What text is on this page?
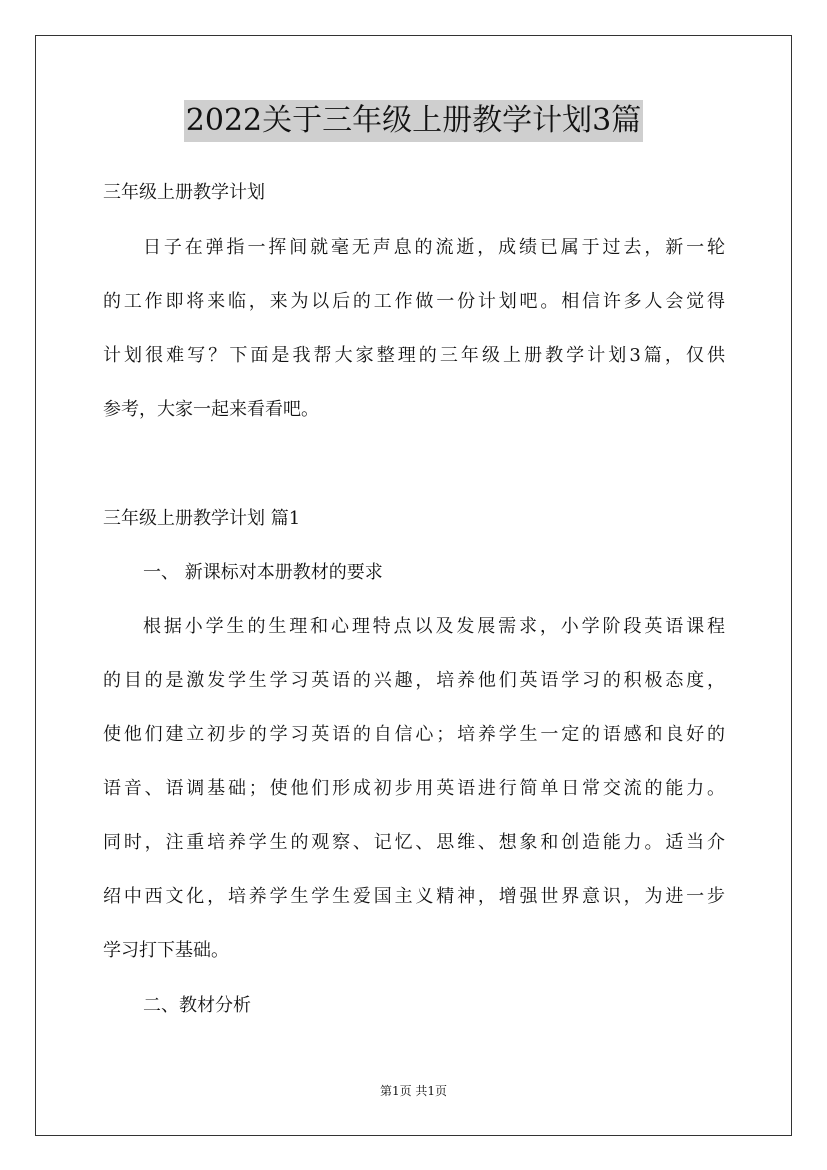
2022关于三年级上册教学计划3篇
三年级上册教学计划
日子在弹指一挥间就毫无声息的流逝，成绩已属于过去，新一轮
的工作即将来临，来为以后的工作做一份计划吧。相信许多人会觉得
计划很难写？下面是我帮大家整理的三年级上册教学计划3篇，仅供
参考，大家一起来看看吧。
三年级上册教学计划 篇1
一、 新课标对本册教材的要求
根据小学生的生理和心理特点以及发展需求，小学阶段英语课程
的目的是激发学生学习英语的兴趣，培养他们英语学习的积极态度，
使他们建立初步的学习英语的自信心；培养学生一定的语感和良好的
语音、语调基础；使他们形成初步用英语进行简单日常交流的能力。
同时，注重培养学生的观察、记忆、思维、想象和创造能力。适当介
绍中西文化，培养学生学生爱国主义精神，增强世界意识，为进一步
学习打下基础。
二、教材分析
第1页 共1页
